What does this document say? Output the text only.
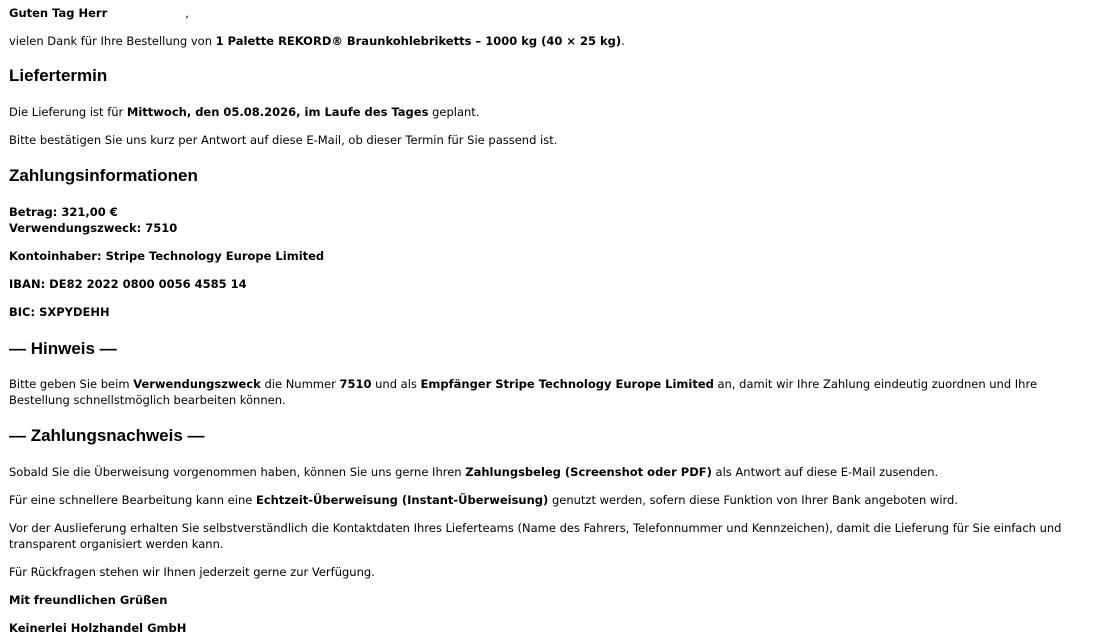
Guten Tag Herr	,

vielen Dank für Ihre Bestellung von 1 Palette REKORD® Braunkohlebriketts – 1000 kg (40 × 25 kg).

Liefertermin

Die Lieferung ist für Mittwoch, den 05.08.2026, im Laufe des Tages geplant.

Bitte bestätigen Sie uns kurz per Antwort auf diese E-Mail, ob dieser Termin für Sie passend ist.

Zahlungsinformationen

Betrag: 321,00 €

Verwendungszweck: 7510

Kontoinhaber: Stripe Technology Europe Limited

IBAN: DE82 2022 0800 0056 4585 14

BIC: SXPYDEHH

— Hinweis —

Bitte geben Sie beim Verwendungszweck die Nummer 7510 und als Empfänger Stripe Technology Europe Limited an, damit wir Ihre Zahlung eindeutig zuordnen und Ihre Bestellung schnellstmöglich bearbeiten können.

— Zahlungsnachweis —

Sobald Sie die Überweisung vorgenommen haben, können Sie uns gerne Ihren Zahlungsbeleg (Screenshot oder PDF) als Antwort auf diese E-Mail zusenden.

Für eine schnellere Bearbeitung kann eine Echtzeit-Überweisung (Instant-Überweisung) genutzt werden, sofern diese Funktion von Ihrer Bank angeboten wird.

Vor der Auslieferung erhalten Sie selbstverständlich die Kontaktdaten Ihres Lieferteams (Name des Fahrers, Telefonnummer und Kennzeichen), damit die Lieferung für Sie einfach und transparent organisiert werden kann.

Für Rückfragen stehen wir Ihnen jederzeit gerne zur Verfügung.

Mit freundlichen Grüßen

Keinerlei Holzhandel GmbH
